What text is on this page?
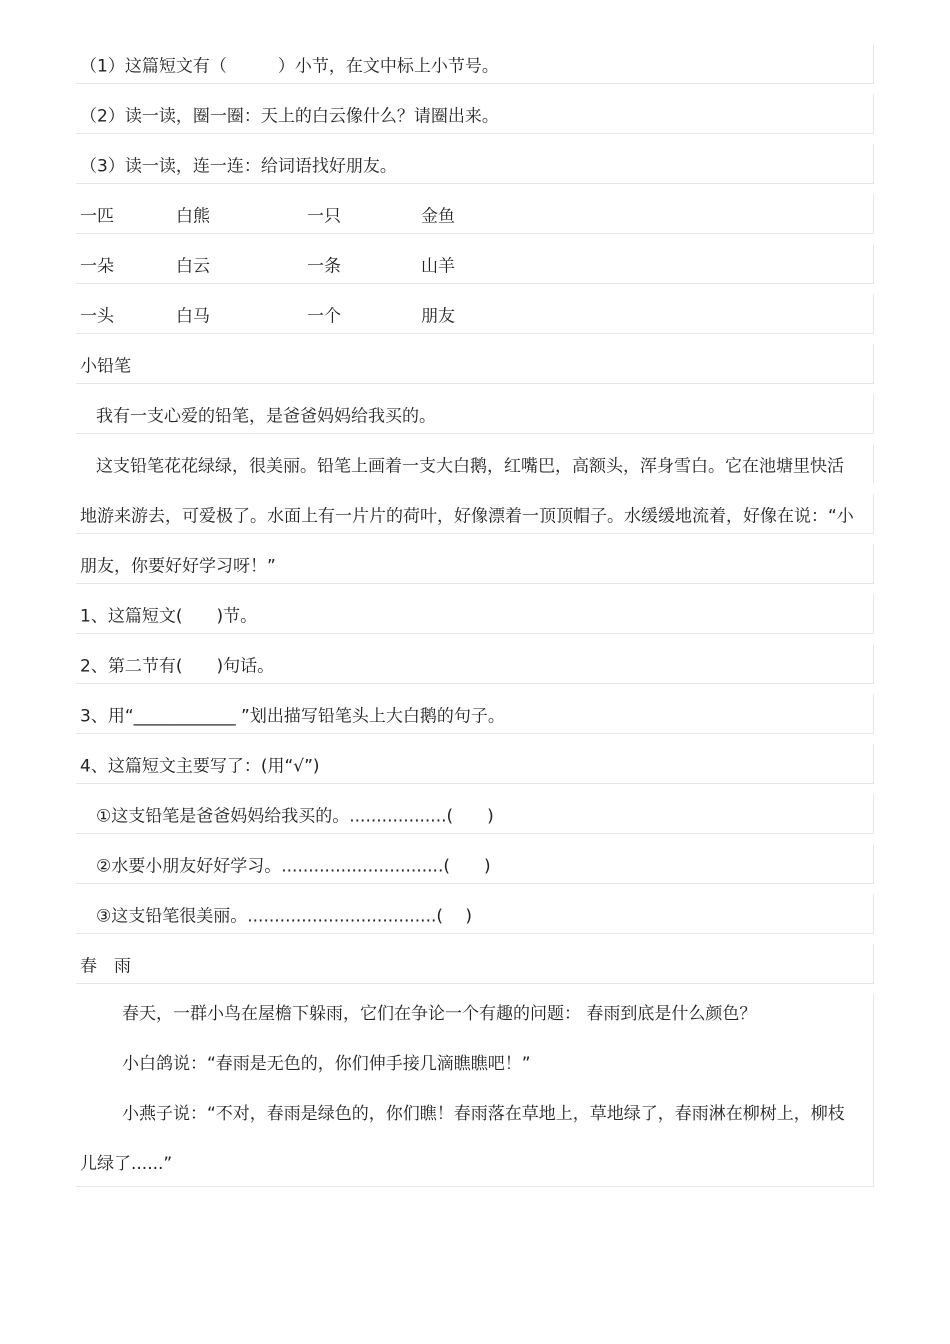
（1）这篇短文有（　　　）小节，在文中标上小节号。
（2）读一读，圈一圈：天上的白云像什么？请圈出来。
（3）读一读，连一连：给词语找好朋友。
一匹	白熊	一只	金鱼
一朵	白云	一条	山羊
一头	白马	一个	朋友
小铅笔
我有一支心爱的铅笔，是爸爸妈妈给我买的。
这支铅笔花花绿绿，很美丽。铅笔上画着一支大白鹅，红嘴巴，高额头，浑身雪白。它在池塘里快活
地游来游去，可爱极了。水面上有一片片的荷叶，好像漂着一顶顶帽子。水缓缓地流着，好像在说：“小
朋友，你要好好学习呀！”
1、这篇短文(　　)节。
2、第二节有(　　)句话。
3、用“____________ ”划出描写铅笔头上大白鹅的句子。
4、这篇短文主要写了：(用“√”)
①这支铅笔是爸爸妈妈给我买的。..................(　　)
②水要小朋友好好学习。..............................(　　)
③这支铅笔很美丽。...................................(　 )
春　雨
春天，一群小鸟在屋檐下躲雨，它们在争论一个有趣的问题： 春雨到底是什么颜色？
小白鸽说：“春雨是无色的，你们伸手接几滴瞧瞧吧！”
小燕子说：“不对，春雨是绿色的，你们瞧！春雨落在草地上，草地绿了，春雨淋在柳树上，柳枝
儿绿了......”
